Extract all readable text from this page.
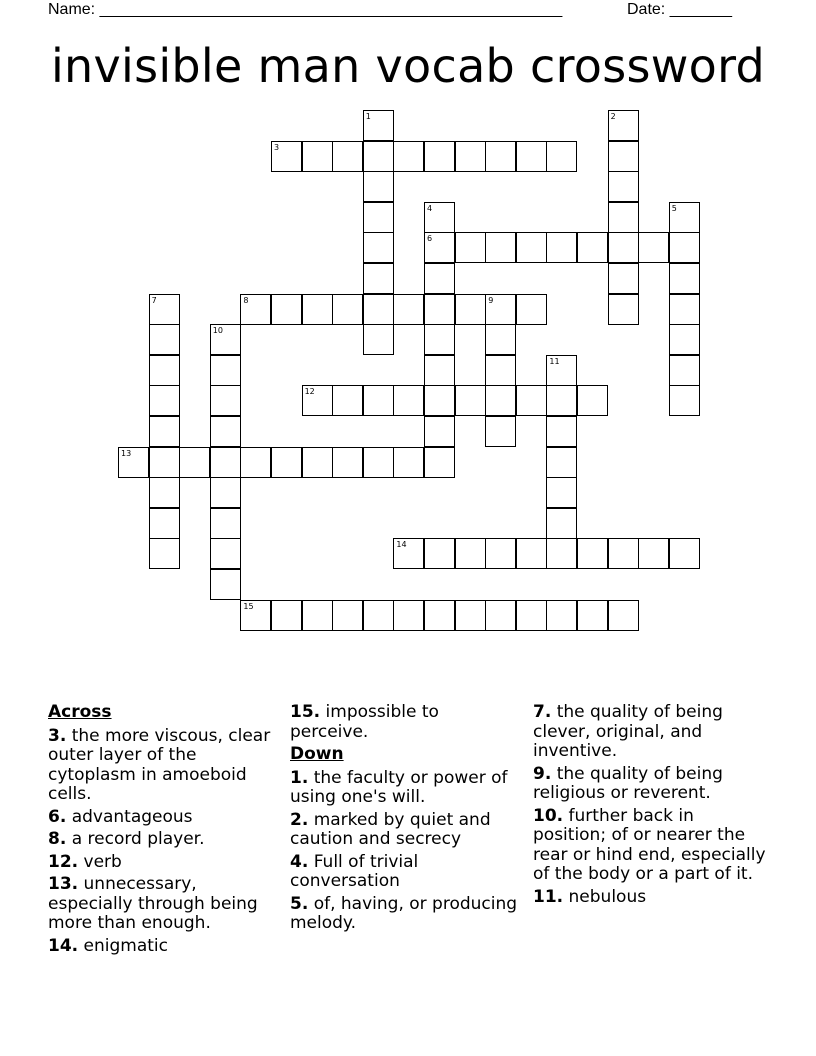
Name: ____________________________________________________	Date: _______
invisible man vocab crossword
1	2
3
4
6
5
7	8	9
10
11
12
13
14
15

Across

3. the more viscous, clear outer layer of the cytoplasm in amoeboid cells.

6. advantageous

8. a record player.

12. verb

13. unnecessary, especially through being more than enough.

14. enigmatic

15. impossible to perceive.

Down

1. the faculty or power of using one's will.

2. marked by quiet and caution and secrecy

4. Full of trivial conversation

5. of, having, or producing melody.

7. the quality of being clever, original, and inventive.

9. the quality of being religious or reverent.

10. further back in position; of or nearer the rear or hind end, especially of the body or a part of it.

11. nebulous
